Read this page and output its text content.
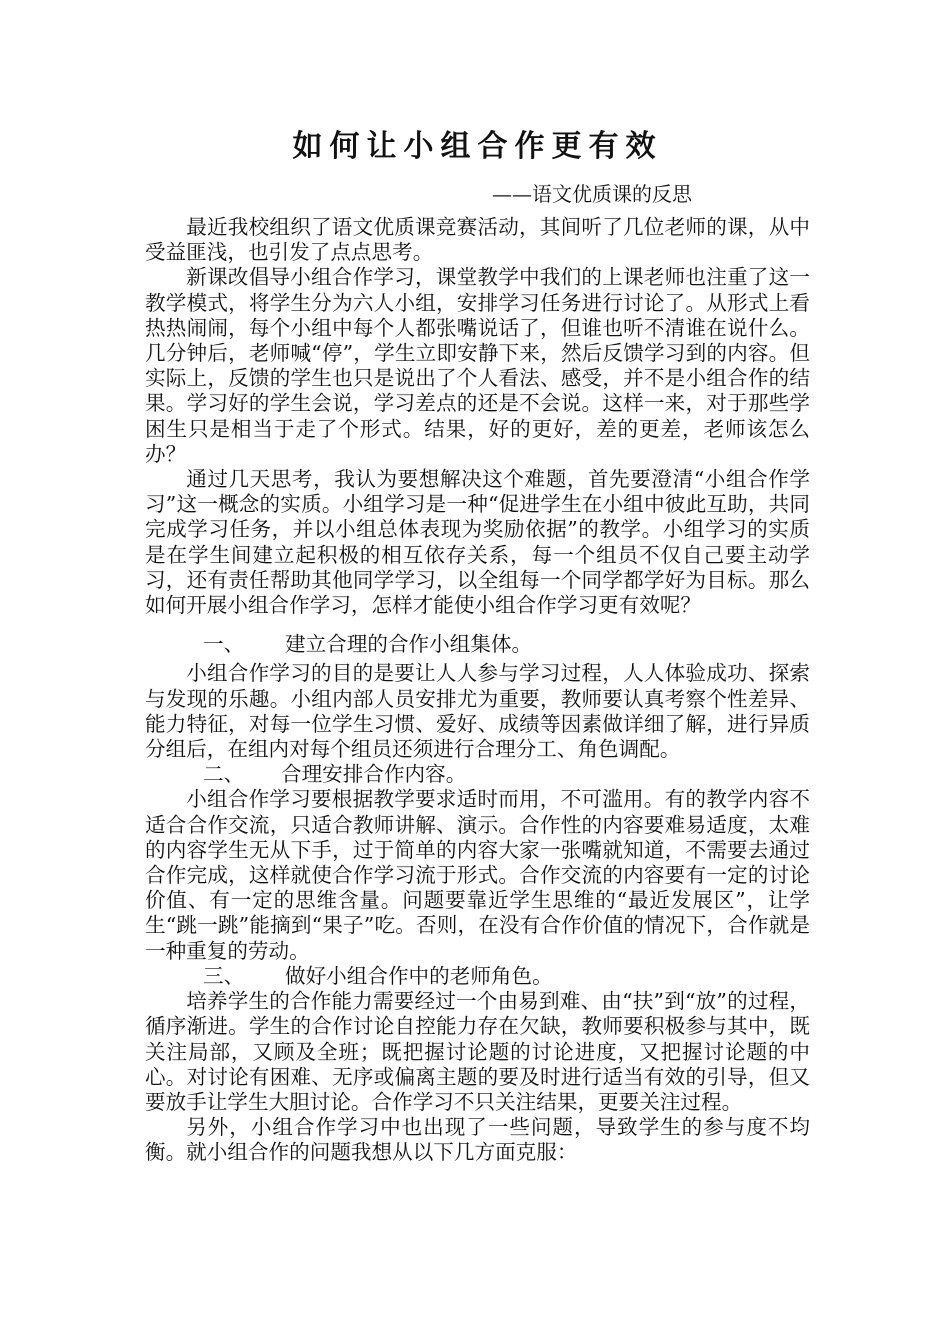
如何让小组合作更有效

——语文优质课的反思

最近我校组织了语文优质课竞赛活动，其间听了几位老师的课，从中受益匪浅，也引发了点点思考。

新课改倡导小组合作学习，课堂教学中我们的上课老师也注重了这一教学模式，将学生分为六人小组，安排学习任务进行讨论了。从形式上看热热闹闹，每个小组中每个人都张嘴说话了，但谁也听不清谁在说什么。几分钟后，老师喊“停”，学生立即安静下来，然后反馈学习到的内容。但实际上，反馈的学生也只是说出了个人看法、感受，并不是小组合作的结果。学习好的学生会说，学习差点的还是不会说。这样一来，对于那些学困生只是相当于走了个形式。结果，好的更好，差的更差，老师该怎么办？

通过几天思考，我认为要想解决这个难题，首先要澄清“小组合作学习”这一概念的实质。小组学习是一种“促进学生在小组中彼此互助，共同完成学习任务，并以小组总体表现为奖励依据”的教学。小组学习的实质是在学生间建立起积极的相互依存关系，每一个组员不仅自己要主动学习，还有责任帮助其他同学学习，以全组每一个同学都学好为目标。那么如何开展小组合作学习，怎样才能使小组合作学习更有效呢？

一、 建立合理的合作小组集体。

小组合作学习的目的是要让人人参与学习过程，人人体验成功、探索与发现的乐趣。小组内部人员安排尤为重要，教师要认真考察个性差异、能力特征，对每一位学生习惯、爱好、成绩等因素做详细了解，进行异质分组后，在组内对每个组员还须进行合理分工、角色调配。

二、 合理安排合作内容。

小组合作学习要根据教学要求适时而用，不可滥用。有的教学内容不适合合作交流，只适合教师讲解、演示。合作性的内容要难易适度，太难的内容学生无从下手，过于简单的内容大家一张嘴就知道，不需要去通过合作完成，这样就使合作学习流于形式。合作交流的内容要有一定的讨论价值、有一定的思维含量。问题要靠近学生思维的“最近发展区”，让学生“跳一跳”能摘到“果子”吃。否则，在没有合作价值的情况下，合作就是一种重复的劳动。

三、 做好小组合作中的老师角色。

培养学生的合作能力需要经过一个由易到难、由“扶”到“放”的过程，循序渐进。学生的合作讨论自控能力存在欠缺，教师要积极参与其中，既关注局部，又顾及全班；既把握讨论题的讨论进度，又把握讨论题的中心。对讨论有困难、无序或偏离主题的要及时进行适当有效的引导，但又要放手让学生大胆讨论。合作学习不只关注结果，更要关注过程。

另外，小组合作学习中也出现了一些问题，导致学生的参与度不均衡。就小组合作的问题我想从以下几方面克服：
